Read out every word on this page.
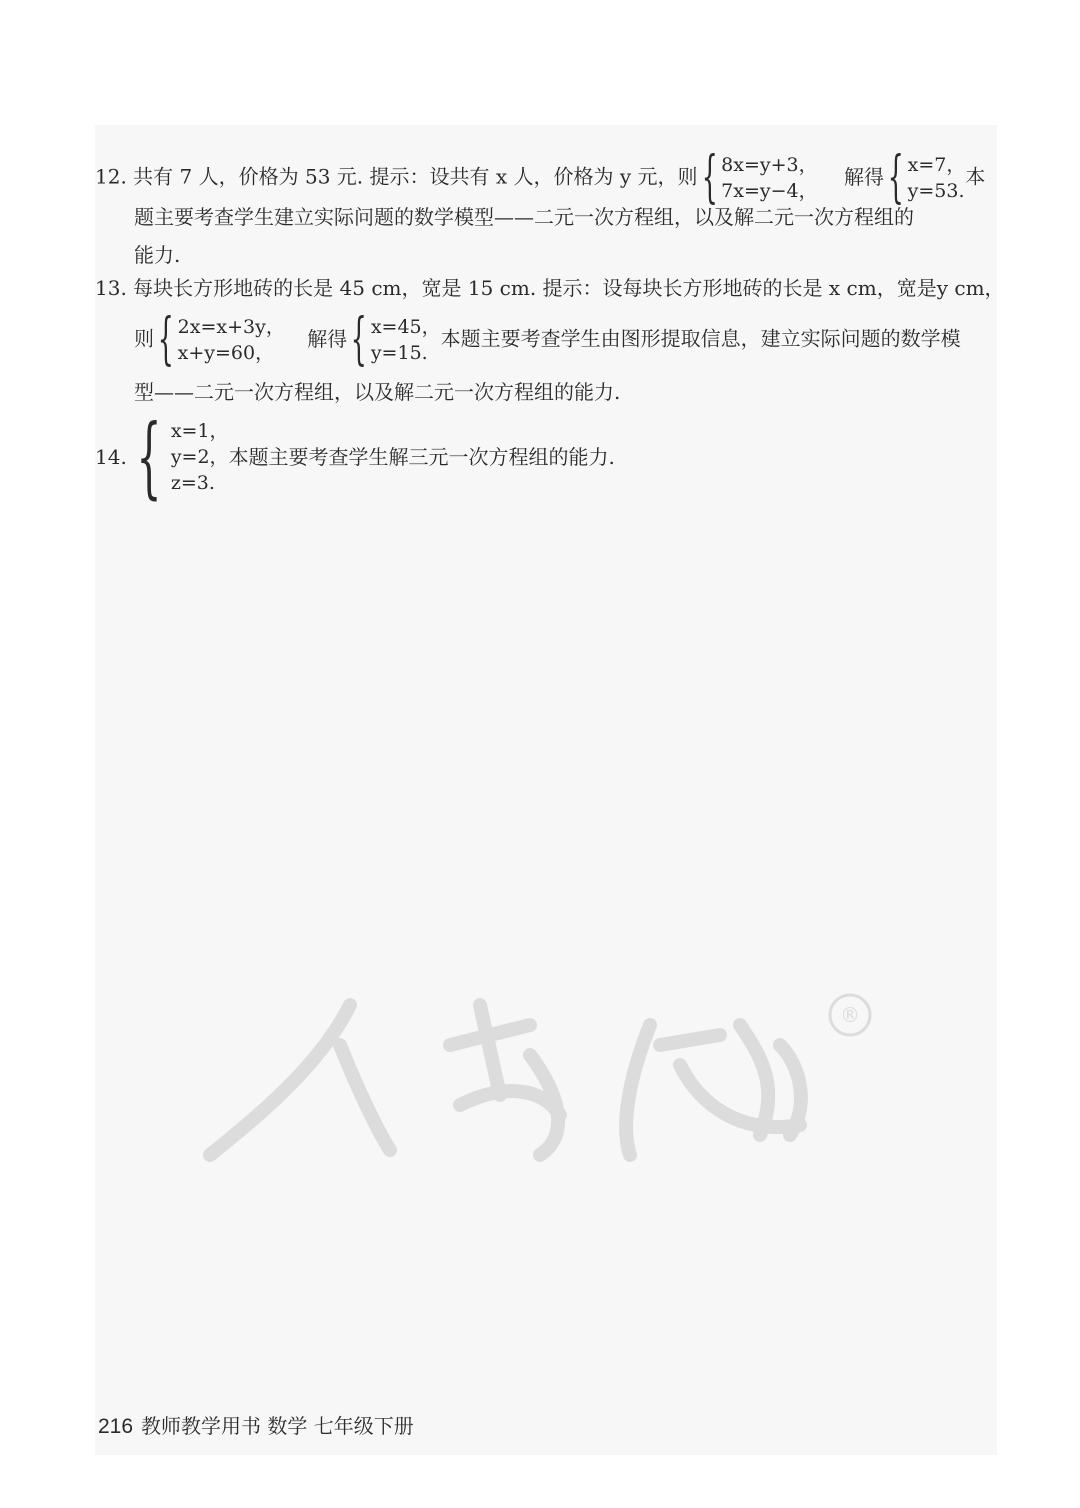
12. 共有 7 人，价格为 53 元. 提示：设共有 x 人，价格为 y 元，则{ 8x=y+3，
7x=y−4，
解得{ x=7，
y=53.
本
题主要考查学生建立实际问题的数学模型——二元一次方程组，以及解二元一次方程组的
能力.
13. 每块长方形地砖的长是 45 cm，宽是 15 cm. 提示：设每块长方形地砖的长是 x cm，宽是y cm，
则{ 2x=x+3y，
x+y=60，
解得{ x=45，
y=15.
本题主要考查学生由图形提取信息，建立实际问题的数学模
型——二元一次方程组，以及解二元一次方程组的能力.
14. { x=1，
y=2，
z=3.
本题主要考查学生解三元一次方程组的能力.
®
216 教师教学用书 数学 七年级下册
